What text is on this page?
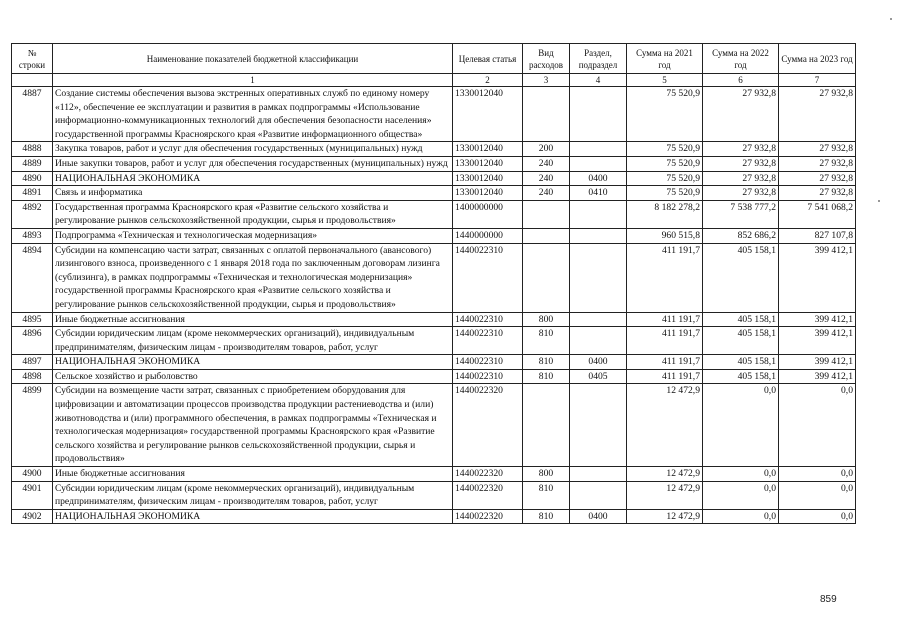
№ строки	Наименование показателей бюджетной классификации	Целевая статья	Вид расходов	Раздел, подраздел	Сумма на 2021 год	Сумма на 2022 год	Сумма на 2023 год
	1	2	3	4	5	6	7
4887	Создание системы обеспечения вызова экстренных оперативных служб по единому номеру «112», обеспечение ее эксплуатации и развития в рамках подпрограммы «Использование информационно-коммуникационных технологий для обеспечения безопасности населения» государственной программы Красноярского края «Развитие информационного общества»	1330012040			75 520,9	27 932,8	27 932,8
4888	Закупка товаров, работ и услуг для обеспечения государственных (муниципальных) нужд	1330012040	200		75 520,9	27 932,8	27 932,8
4889	Иные закупки товаров, работ и услуг для обеспечения государственных (муниципальных) нужд	1330012040	240		75 520,9	27 932,8	27 932,8
4890	НАЦИОНАЛЬНАЯ ЭКОНОМИКА	1330012040	240	0400	75 520,9	27 932,8	27 932,8
4891	Связь и информатика	1330012040	240	0410	75 520,9	27 932,8	27 932,8
4892	Государственная программа Красноярского края «Развитие сельского хозяйства и регулирование рынков сельскохозяйственной продукции, сырья и продовольствия»	1400000000			8 182 278,2	7 538 777,2	7 541 068,2
4893	Подпрограмма «Техническая и технологическая модернизация»	1440000000			960 515,8	852 686,2	827 107,8
4894	Субсидии на компенсацию части затрат, связанных с оплатой первоначального (авансового) лизингового взноса, произведенного с 1 января 2018 года по заключенным договорам лизинга (сублизинга), в рамках подпрограммы «Техническая и технологическая модернизация» государственной программы Красноярского края «Развитие сельского хозяйства и регулирование рынков сельскохозяйственной продукции, сырья и продовольствия»	1440022310			411 191,7	405 158,1	399 412,1
4895	Иные бюджетные ассигнования	1440022310	800		411 191,7	405 158,1	399 412,1
4896	Субсидии юридическим лицам (кроме некоммерческих организаций), индивидуальным предпринимателям, физическим лицам - производителям товаров, работ, услуг	1440022310	810		411 191,7	405 158,1	399 412,1
4897	НАЦИОНАЛЬНАЯ ЭКОНОМИКА	1440022310	810	0400	411 191,7	405 158,1	399 412,1
4898	Сельское хозяйство и рыболовство	1440022310	810	0405	411 191,7	405 158,1	399 412,1
4899	Субсидии на возмещение части затрат, связанных с приобретением оборудования для цифровизации и автоматизации процессов производства продукции растениеводства и (или) животноводства и (или) программного обеспечения, в рамках подпрограммы «Техническая и технологическая модернизация» государственной программы Красноярского края «Развитие сельского хозяйства и регулирование рынков сельскохозяйственной продукции, сырья и продовольствия»	1440022320			12 472,9	0,0	0,0
4900	Иные бюджетные ассигнования	1440022320	800		12 472,9	0,0	0,0
4901	Субсидии юридическим лицам (кроме некоммерческих организаций), индивидуальным предпринимателям, физическим лицам - производителям товаров, работ, услуг	1440022320	810		12 472,9	0,0	0,0
4902	НАЦИОНАЛЬНАЯ ЭКОНОМИКА	1440022320	810	0400	12 472,9	0,0	0,0
859
